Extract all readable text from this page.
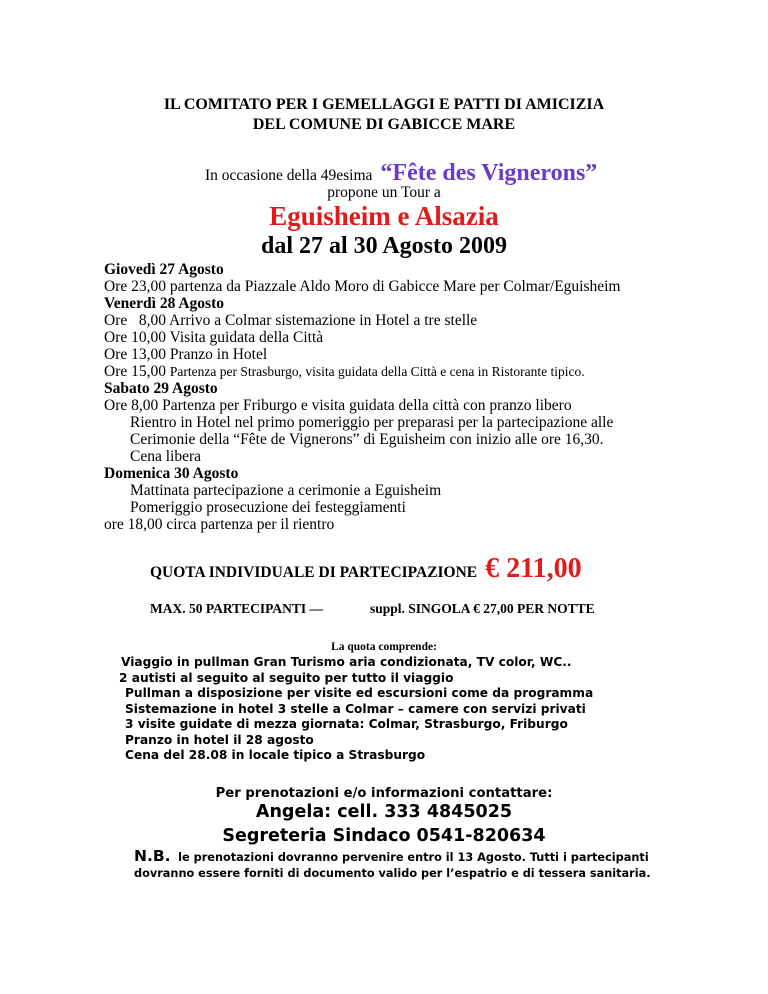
IL COMITATO PER I GEMELLAGGI E PATTI DI AMICIZIA
DEL COMUNE DI GABICCE MARE
In occasione della 49esima “Fête des Vignerons”
propone un Tour a
Eguisheim e Alsazia
dal 27 al 30 Agosto 2009
Giovedì 27 Agosto
Ore 23,00 partenza da Piazzale Aldo Moro di Gabicce Mare per Colmar/Eguisheim
Venerdì 28 Agosto
Ore   8,00 Arrivo a Colmar sistemazione in Hotel a tre stelle
Ore 10,00 Visita guidata della Città
Ore 13,00 Pranzo in Hotel
Ore 15,00 Partenza per Strasburgo, visita guidata della Città e cena in Ristorante tipico.
Sabato 29 Agosto
Ore 8,00 Partenza per Friburgo e visita guidata della città con pranzo libero
Rientro in Hotel nel primo pomeriggio per preparasi per la partecipazione alle
Cerimonie della “Fête de Vignerons” di Eguisheim con inizio alle ore 16,30.
Cena libera
Domenica 30 Agosto
Mattinata partecipazione a cerimonie a Eguisheim
Pomeriggio prosecuzione dei festeggiamenti
ore 18,00 circa partenza per il rientro
QUOTA INDIVIDUALE DI PARTECIPAZIONE € 211,00
MAX. 50 PARTECIPANTI —	suppl. SINGOLA € 27,00 PER NOTTE
La quota comprende:
Viaggio in pullman Gran Turismo aria condizionata, TV color, WC..
2 autisti al seguito al seguito per tutto il viaggio
Pullman a disposizione per visite ed escursioni come da programma
Sistemazione in hotel 3 stelle a Colmar – camere con servizi privati
3 visite guidate di mezza giornata: Colmar, Strasburgo, Friburgo
Pranzo in hotel il 28 agosto
Cena del 28.08 in locale tipico a Strasburgo
Per prenotazioni e/o informazioni contattare:
Angela: cell. 333 4845025
Segreteria Sindaco 0541-820634
N.B. le prenotazioni dovranno pervenire entro il 13 Agosto. Tutti i partecipanti
dovranno essere forniti di documento valido per l’espatrio e di tessera sanitaria.
